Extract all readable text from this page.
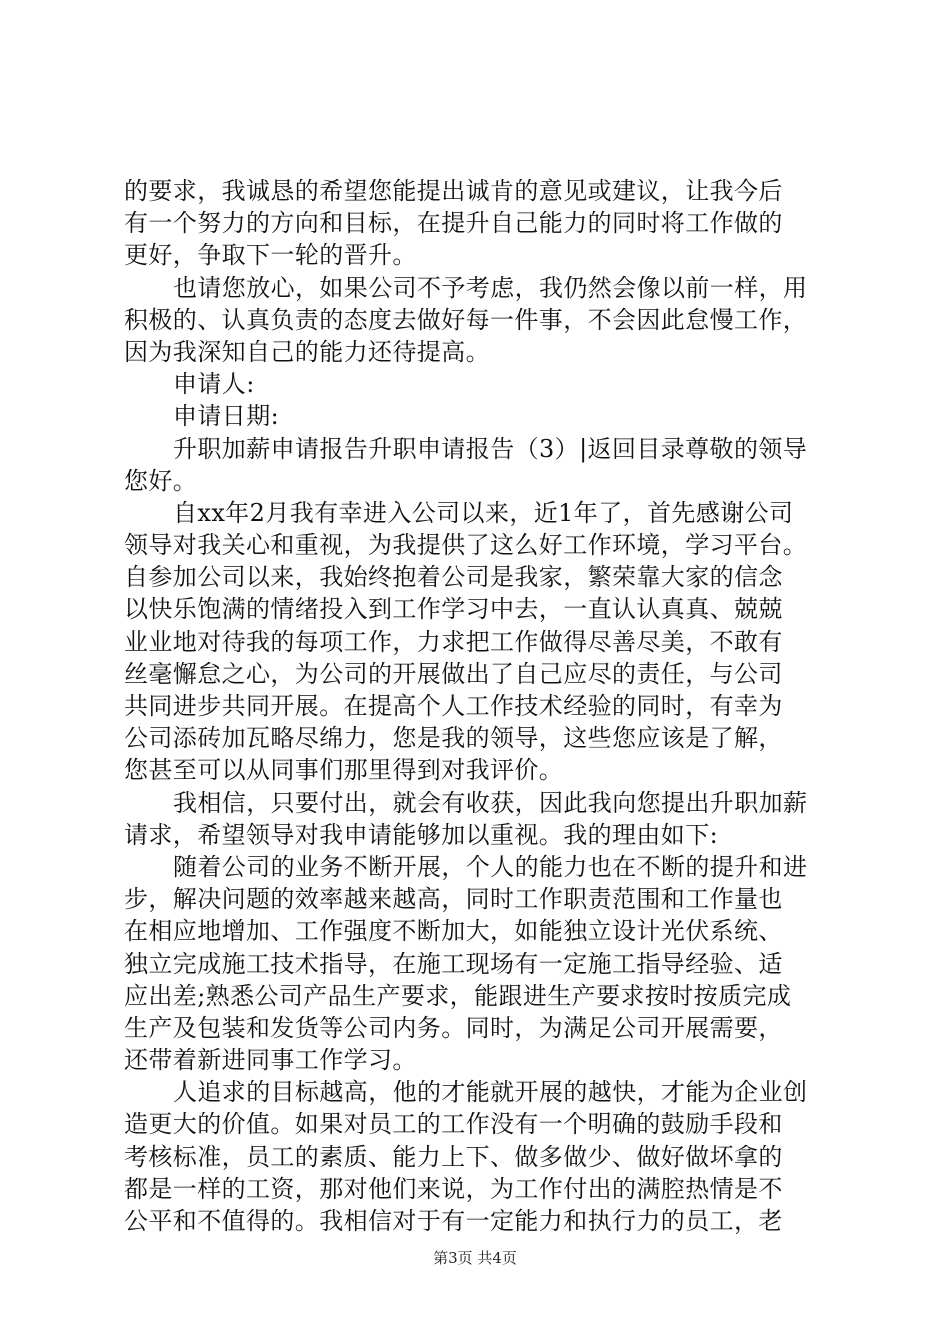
的要求，我诚恳的希望您能提出诚肯的意见或建议，让我今后
有一个努力的方向和目标，在提升自己能力的同时将工作做的
更好，争取下一轮的晋升。
也请您放心，如果公司不予考虑，我仍然会像以前一样，用
积极的、认真负责的态度去做好每一件事，不会因此怠慢工作，
因为我深知自己的能力还待提高。
申请人:
申请日期:
升职加薪申请报告升职申请报告（3）|返回目录尊敬的领导
您好。
自xx年2月我有幸进入公司以来，近1年了，首先感谢公司
领导对我关心和重视，为我提供了这么好工作环境，学习平台。
自参加公司以来，我始终抱着公司是我家，繁荣靠大家的信念
以快乐饱满的情绪投入到工作学习中去，一直认认真真、兢兢
业业地对待我的每项工作，力求把工作做得尽善尽美，不敢有
丝毫懈怠之心，为公司的开展做出了自己应尽的责任，与公司
共同进步共同开展。在提高个人工作技术经验的同时，有幸为
公司添砖加瓦略尽绵力，您是我的领导，这些您应该是了解，
您甚至可以从同事们那里得到对我评价。
我相信，只要付出，就会有收获，因此我向您提出升职加薪
请求，希望领导对我申请能够加以重视。我的理由如下:
随着公司的业务不断开展，个人的能力也在不断的提升和进
步，解决问题的效率越来越高，同时工作职责范围和工作量也
在相应地增加、工作强度不断加大，如能独立设计光伏系统、
独立完成施工技术指导，在施工现场有一定施工指导经验、适
应出差;熟悉公司产品生产要求，能跟进生产要求按时按质完成
生产及包装和发货等公司内务。同时，为满足公司开展需要，
还带着新进同事工作学习。
人追求的目标越高，他的才能就开展的越快，才能为企业创
造更大的价值。如果对员工的工作没有一个明确的鼓励手段和
考核标准，员工的素质、能力上下、做多做少、做好做坏拿的
都是一样的工资，那对他们来说，为工作付出的满腔热情是不
公平和不值得的。我相信对于有一定能力和执行力的员工，老
第3页 共4页
